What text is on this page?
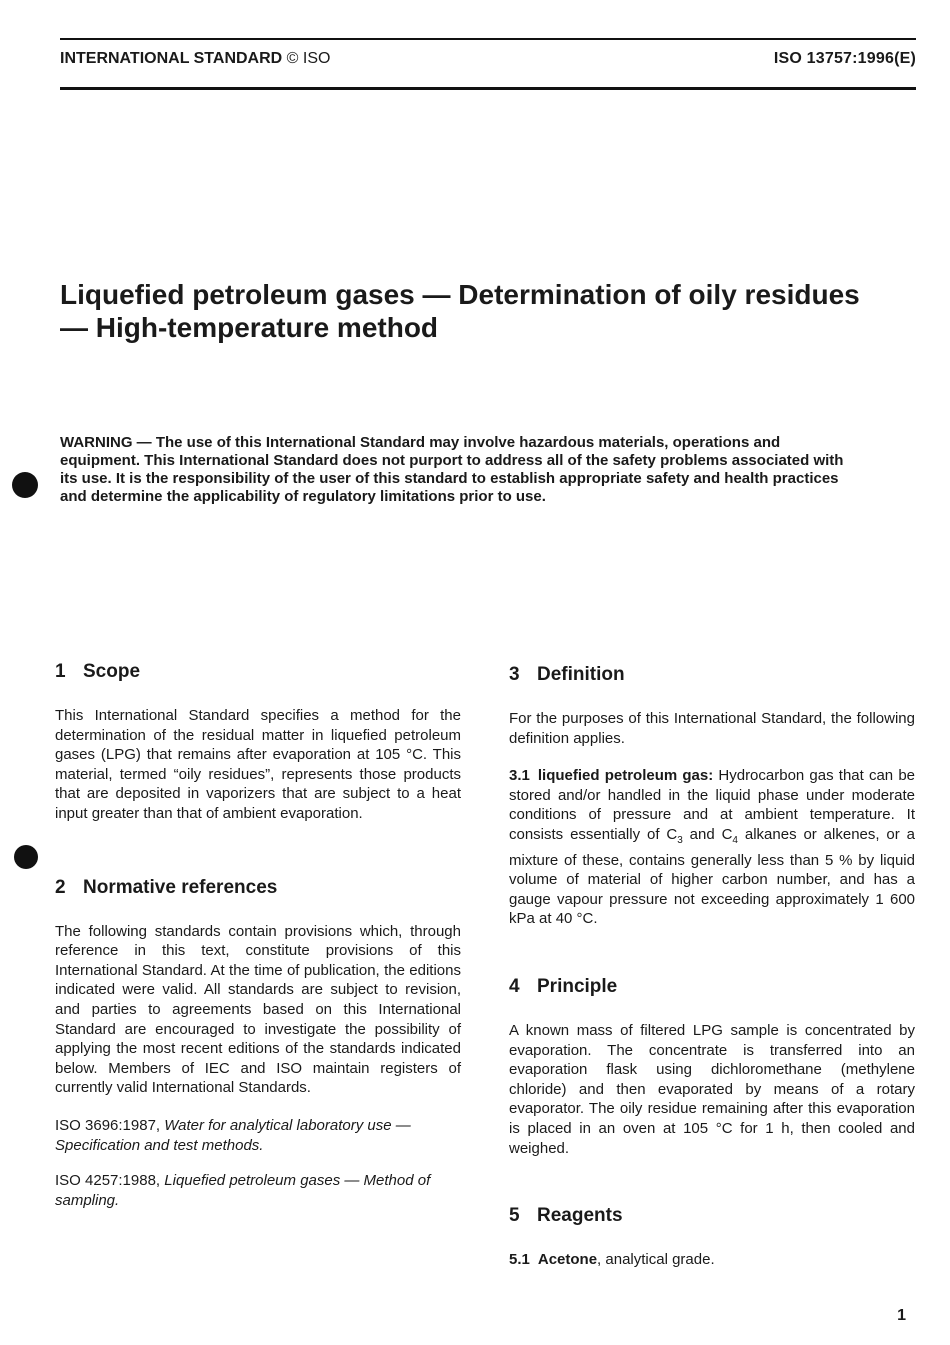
INTERNATIONAL STANDARD © ISO	ISO 13757:1996(E)
Liquefied petroleum gases — Determination of oily residues — High-temperature method
WARNING — The use of this International Standard may involve hazardous materials, operations and equipment. This International Standard does not purport to address all of the safety problems associated with its use. It is the responsibility of the user of this standard to establish appropriate safety and health practices and determine the applicability of regulatory limitations prior to use.
1 Scope

This International Standard specifies a method for the determination of the residual matter in liquefied petroleum gases (LPG) that remains after evaporation at 105 °C. This material, termed “oily residues”, represents those products that are deposited in vaporizers that are subject to a heat input greater than that of ambient evaporation.

2 Normative references

The following standards contain provisions which, through reference in this text, constitute provisions of this International Standard. At the time of publication, the editions indicated were valid. All standards are subject to revision, and parties to agreements based on this International Standard are encouraged to investigate the possibility of applying the most recent editions of the standards indicated below. Members of IEC and ISO maintain registers of currently valid International Standards.

ISO 3696:1987, Water for analytical laboratory use — Specification and test methods.

ISO 4257:1988, Liquefied petroleum gases — Method of sampling.

3 Definition

For the purposes of this International Standard, the following definition applies.

3.1 liquefied petroleum gas: Hydrocarbon gas that can be stored and/or handled in the liquid phase under moderate conditions of pressure and at ambient temperature. It consists essentially of $C_3$ and $C_4$ alkanes or alkenes, or a mixture of these, contains generally less than 5 % by liquid volume of material of higher carbon number, and has a gauge vapour pressure not exceeding approximately 1 600 kPa at 40 °C.

4 Principle

A known mass of filtered LPG sample is concentrated by evaporation. The concentrate is transferred into an evaporation flask using dichloromethane (methylene chloride) and then evaporated by means of a rotary evaporator. The oily residue remaining after this evaporation is placed in an oven at 105 °C for 1 h, then cooled and weighed.

5 Reagents

5.1 Acetone, analytical grade.

1
